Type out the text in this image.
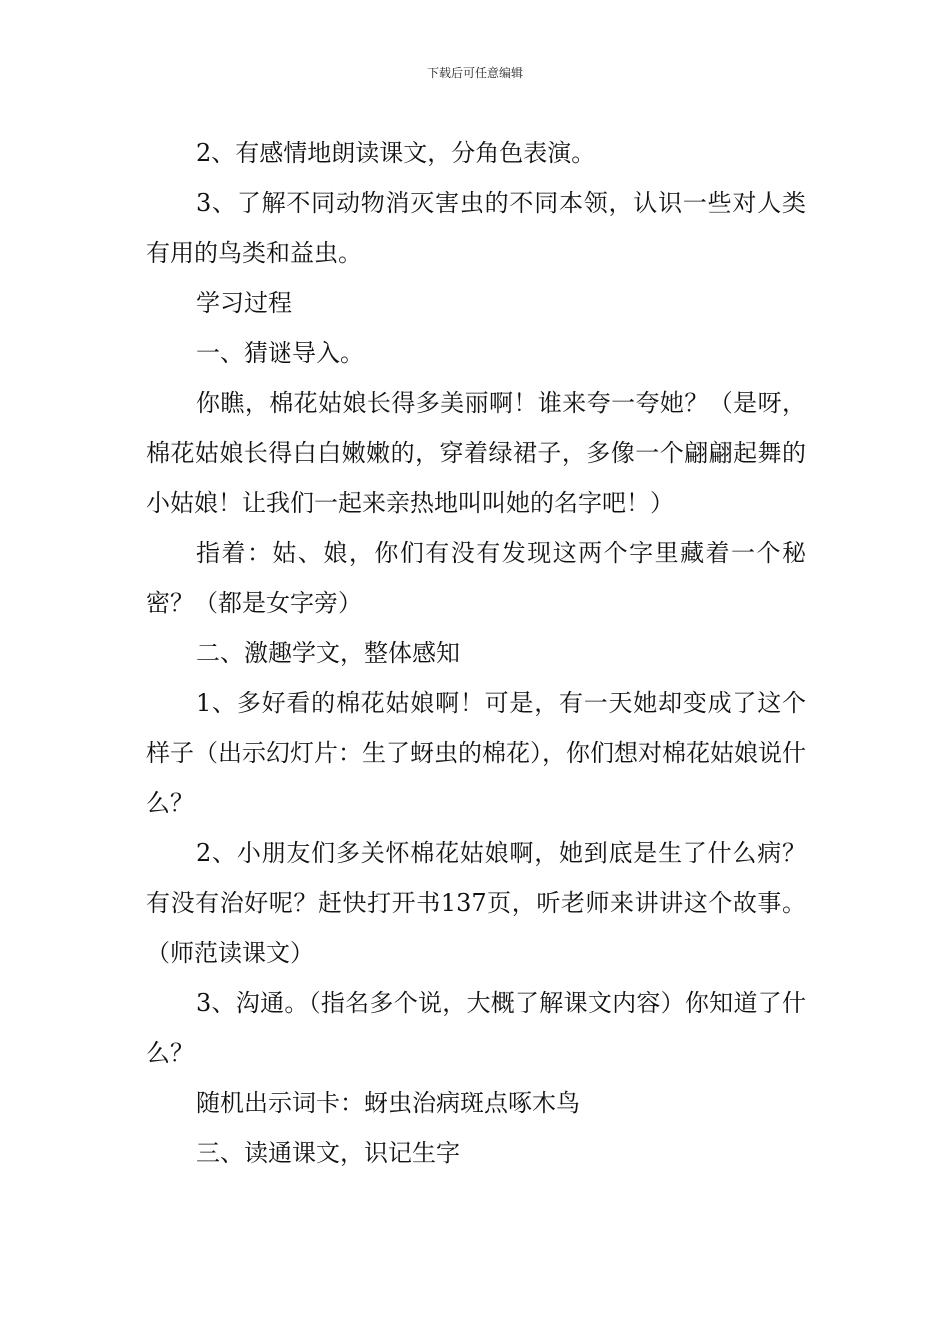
下载后可任意编辑

2、有感情地朗读课文，分角色表演。

3、了解不同动物消灭害虫的不同本领，认识一些对人类有用的鸟类和益虫。

学习过程

一、猜谜导入。

你瞧，棉花姑娘长得多美丽啊！谁来夸一夸她？（是呀，棉花姑娘长得白白嫩嫩的，穿着绿裙子，多像一个翩翩起舞的小姑娘！让我们一起来亲热地叫叫她的名字吧！）

指着：姑、娘，你们有没有发现这两个字里藏着一个秘密？（都是女字旁）

二、激趣学文，整体感知

1、多好看的棉花姑娘啊！可是，有一天她却变成了这个样子（出示幻灯片：生了蚜虫的棉花），你们想对棉花姑娘说什么？

2、小朋友们多关怀棉花姑娘啊，她到底是生了什么病？有没有治好呢？赶快打开书137页，听老师来讲讲这个故事。（师范读课文）

3、沟通。（指名多个说，大概了解课文内容）你知道了什么？

随机出示词卡：蚜虫治病斑点啄木鸟

三、读通课文，识记生字
